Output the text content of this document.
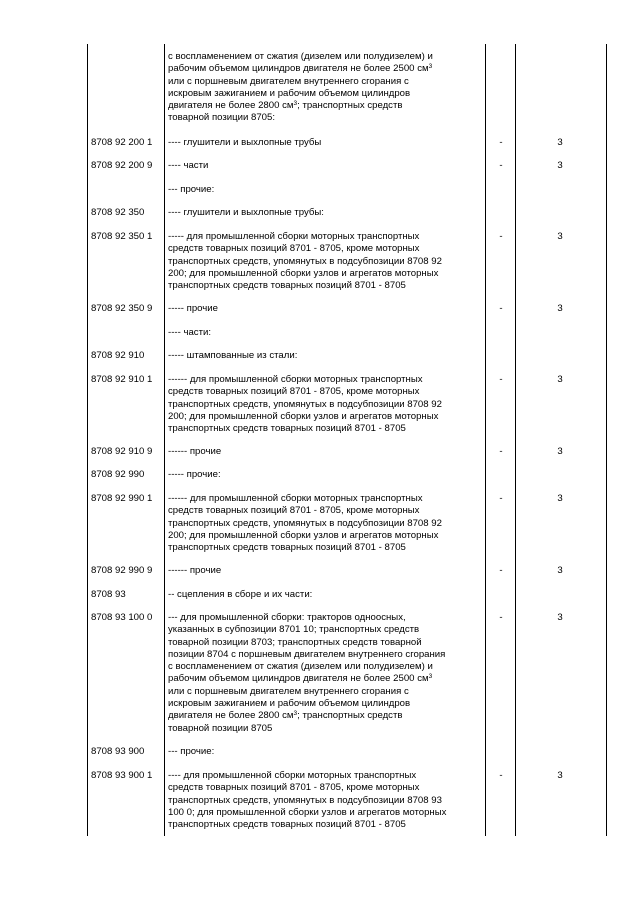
с воспламенением от сжатия (дизелем или полудизелем) и

рабочим объемом цилиндров двигателя не более 2500 $см^3$

или с поршневым двигателем внутреннего сгорания с

искровым зажиганием и рабочим объемом цилиндров

двигателя не более 2800 $см^3$; транспортных средств

товарной позиции 8705:

8708 92 200 1 ---- глушители и выхлопные трубы	-	3
8708 92 200 9 ---- части	-	3

--- прочие:

8708 92 350 ---- глушители и выхлопные трубы:

8708 92 350 1 ----- для промышленной сборки моторных транспортных

средств товарных позиций 8701 - 8705, кроме моторных

транспортных средств, упомянутых в подсубпозиции 8708 92

200; для промышленной сборки узлов и агрегатов моторных

транспортных средств товарных позиций 8701 - 8705

-	3
8708 92 350 9 ----- прочие	-	3

---- части:

8708 92 910 ----- штампованные из стали:

8708 92 910 1 ------ для промышленной сборки моторных транспортных

средств товарных позиций 8701 - 8705, кроме моторных

транспортных средств, упомянутых в подсубпозиции 8708 92

200; для промышленной сборки узлов и агрегатов моторных

транспортных средств товарных позиций 8701 - 8705

-	3
8708 92 910 9 ------ прочие	-	3
8708 92 990 ----- прочие:

8708 92 990 1 ------ для промышленной сборки моторных транспортных

средств товарных позиций 8701 - 8705, кроме моторных

транспортных средств, упомянутых в подсубпозиции 8708 92

200; для промышленной сборки узлов и агрегатов моторных

транспортных средств товарных позиций 8701 - 8705

-	3
8708 92 990 9 ------ прочие	-	3
8708 93	-- сцепления в сборе и их части:

8708 93 100 0 --- для промышленной сборки: тракторов одноосных,

указанных в субпозиции 8701 10; транспортных средств

товарной позиции 8703; транспортных средств товарной

позиции 8704 с поршневым двигателем внутреннего сгорания

с воспламенением от сжатия (дизелем или полудизелем) и

рабочим объемом цилиндров двигателя не более 2500 $см^3$

или с поршневым двигателем внутреннего сгорания с

искровым зажиганием и рабочим объемом цилиндров

двигателя не более 2800 $см^3$; транспортных средств

товарной позиции 8705

-	3
8708 93 900 --- прочие:

8708 93 900 1 ---- для промышленной сборки моторных транспортных

средств товарных позиций 8701 - 8705, кроме моторных

транспортных средств, упомянутых в подсубпозиции 8708 93

100 0; для промышленной сборки узлов и агрегатов моторных

транспортных средств товарных позиций 8701 - 8705

-	3
